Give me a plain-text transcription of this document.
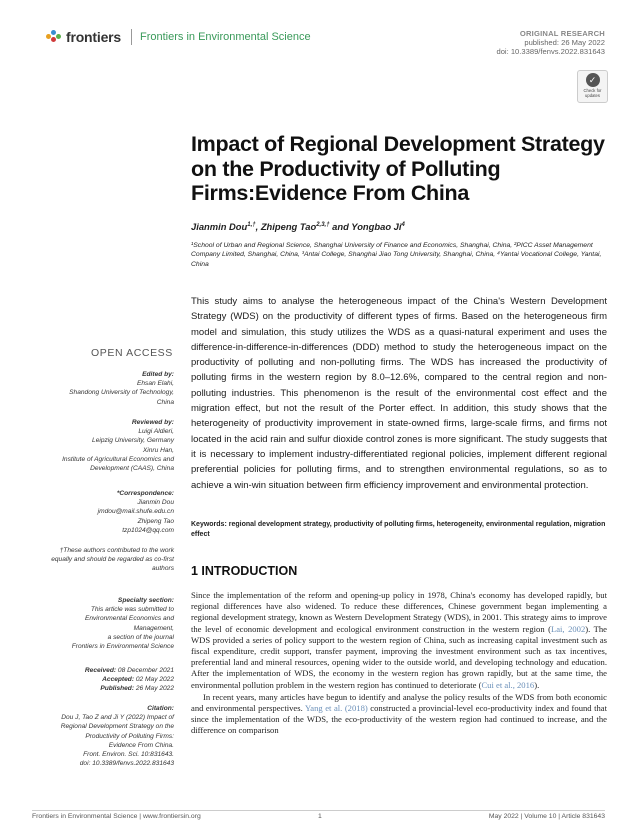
frontiers Frontiers in Environmental Science	ORIGINAL RESEARCH
published: 26 May 2022
doi: 10.3389/fenvs.2022.831643
✓
Check for updates
Impact of Regional Development Strategy on the Productivity of Polluting Firms:Evidence From China
Jianmin Dou$^{1,\dagger}$, Zhipeng Tao$^{2,3,\dagger}$ and Yongbao Ji$^4$
¹School of Urban and Regional Science, Shanghai University of Finance and Economics, Shanghai, China, ²PICC Asset Management Company Limited, Shanghai, China, ³Antai College, Shanghai Jiao Tong University, Shanghai, China, ⁴Yantai Vocational College, Yantai, China
This study aims to analyse the heterogeneous impact of the China's Western Development Strategy (WDS) on the productivity of different types of firms. Based on the heterogeneous firm model and simulation, this study utilizes the WDS as a quasi-natural experiment and uses the difference-in-difference-in-differences (DDD) method to study the heterogeneous impact on the productivity of polluting and non-polluting firms. The WDS has increased the productivity of polluting firms in the western region by 8.0–12.6%, compared to the central region and non-polluting industries. This phenomenon is the result of the environmental cost effect and the migration effect, but not the result of the Porter effect. In addition, this study shows that the heterogeneity of productivity improvement in state-owned firms, large-scale firms, and firms not located in the acid rain and sulfur dioxide control zones is more significant. The study suggests that it is necessary to implement industry-differentiated regional policies, implement different regional preferential policies for polluting firms, and to strengthen environmental regulations, so as to achieve a win-win situation between firm efficiency improvement and environmental protection.
Keywords: regional development strategy, productivity of polluting firms, heterogeneity, environmental regulation, migration effect
1 INTRODUCTION

Since the implementation of the reform and opening-up policy in 1978, China's economy has developed rapidly, but regional differences have also widened. To reduce these differences, Chinese government began implementing a regional development strategy, known as Western Development Strategy (WDS), in 2001. This strategy aims to improve the level of economic development and ecological environment construction in the western region (Lai, 2002). The WDS provided a series of policy support to the western region of China, such as increasing capital investment such as fiscal expenditure, credit support, transfer payment, improving the investment environment such as tax incentives, preferential land and mineral resources, opening wider to the outside world, and developing technology and education. After the implementation of WDS, the economy in the western region has grown rapidly, but at the same time, the environmental pollution problem in the western region has continued to deteriorate (Cui et al., 2016).

In recent years, many articles have begun to identify and analyse the policy results of the WDS from both economic and environmental perspectives. Yang et al. (2018) constructed a provincial-level eco-productivity index and found that since the implementation of the WDS, the eco-productivity of the western region had continued to increase, and the difference on comparison

OPEN ACCESS
Edited by:
Ehsan Elahi,
Shandong University of Technology,
China
Reviewed by:
Luigi Aldieri,
Leipzig University, Germany
Xinru Han,
Institute of Agricultural Economics and
Development (CAAS), China
*Correspondence:
Jianmin Dou
jmdou@mail.shufe.edu.cn
Zhipeng Tao
tzp1024@qq.com
†These authors contributed to the work equally and should be regarded as co-first authors
Specialty section:
This article was submitted to
Environmental Economics and
Management,
a section of the journal
Frontiers in Environmental Science
Received: 08 December 2021
Accepted: 02 May 2022
Published: 26 May 2022
Citation:
Dou J, Tao Z and Ji Y (2022) Impact of
Regional Development Strategy on the
Productivity of Polluting Firms:
Evidence From China.
Front. Environ. Sci. 10:831643.
doi: 10.3389/fenvs.2022.831643
Frontiers in Environmental Science | www.frontiersin.org	1	May 2022 | Volume 10 | Article 831643
